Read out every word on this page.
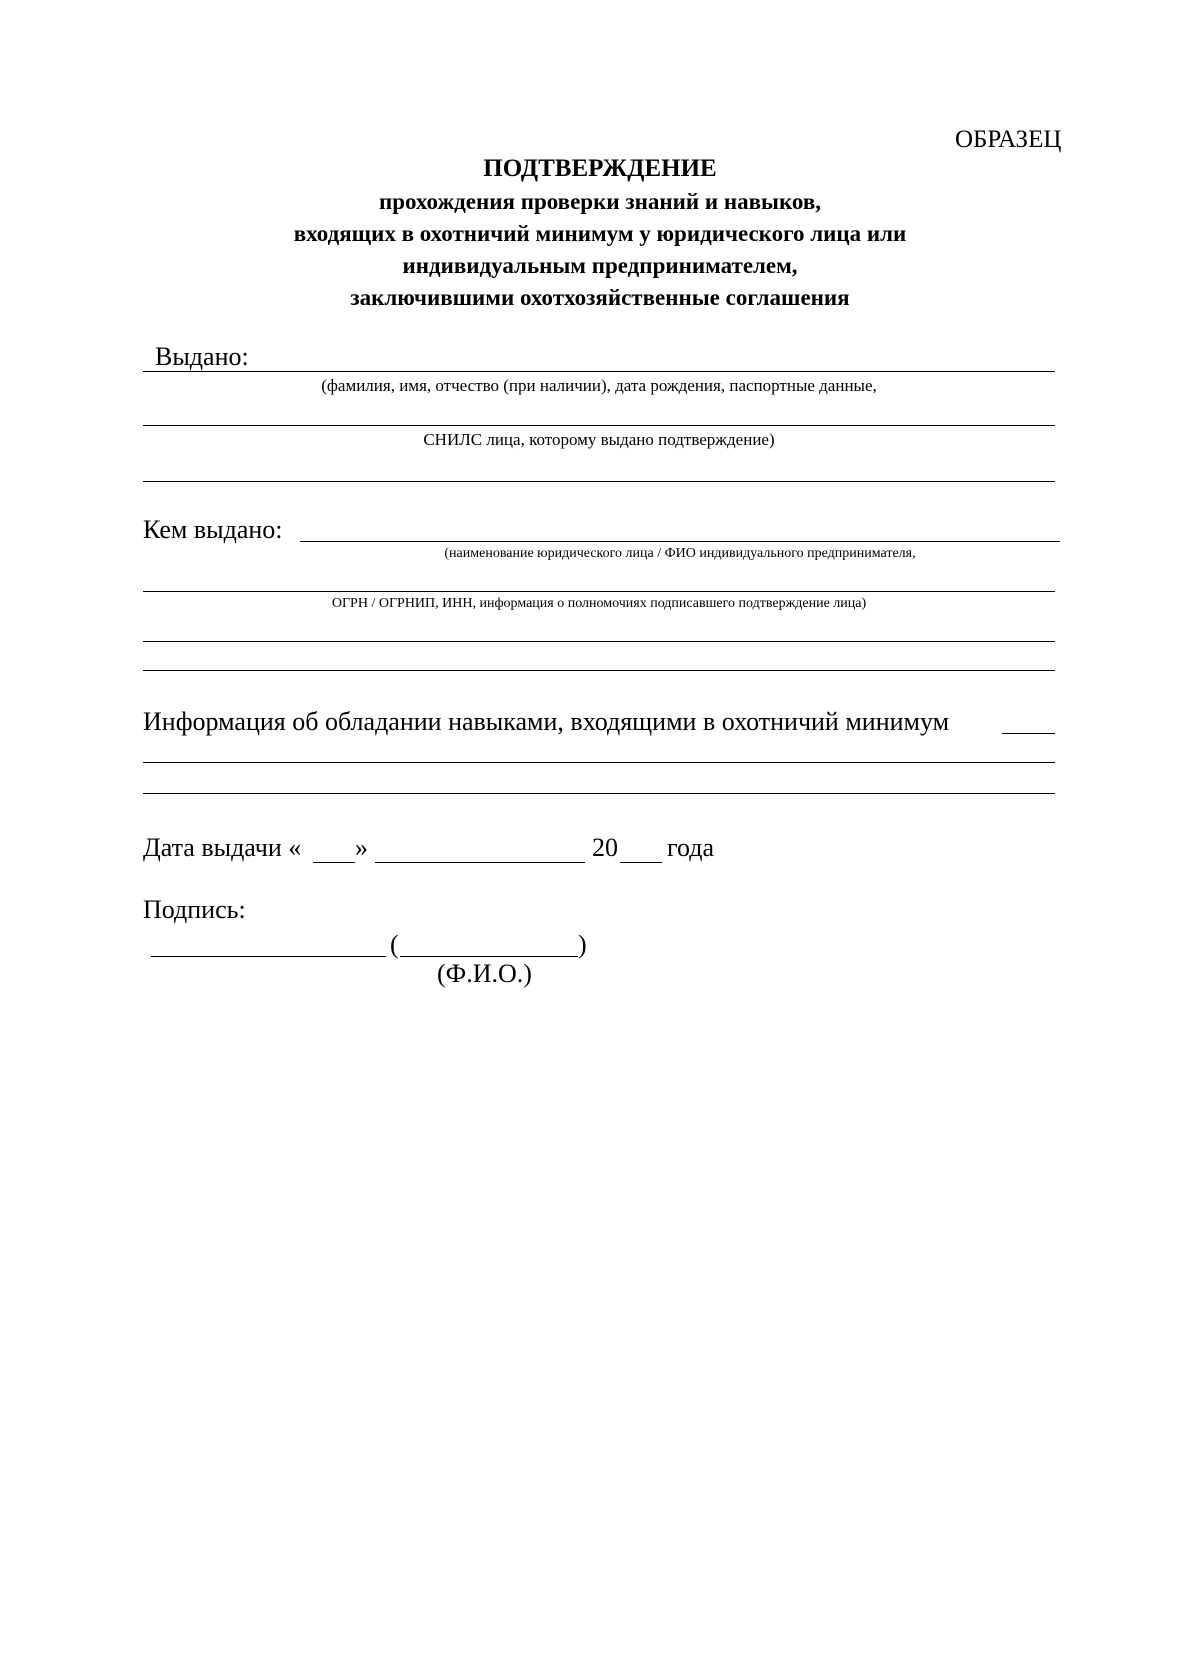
ОБРАЗЕЦ
ПОДТВЕРЖДЕНИЕ
прохождения проверки знаний и навыков,
входящих в охотничий минимум у юридического лица или
индивидуальным предпринимателем,
заключившими охотхозяйственные соглашения
Выдано:
(фамилия, имя, отчество (при наличии), дата рождения, паспортные данные,
СНИЛС лица, которому выдано подтверждение)
Кем выдано:
(наименование юридического лица / ФИО индивидуального предпринимателя,
ОГРН / ОГРНИП, ИНН, информация о полномочиях подписавшего подтверждение лица)
Информация об обладании навыками, входящими в охотничий минимум
Дата выдачи « »	20 года
Подпись:
(	)
(Ф.И.О.)
